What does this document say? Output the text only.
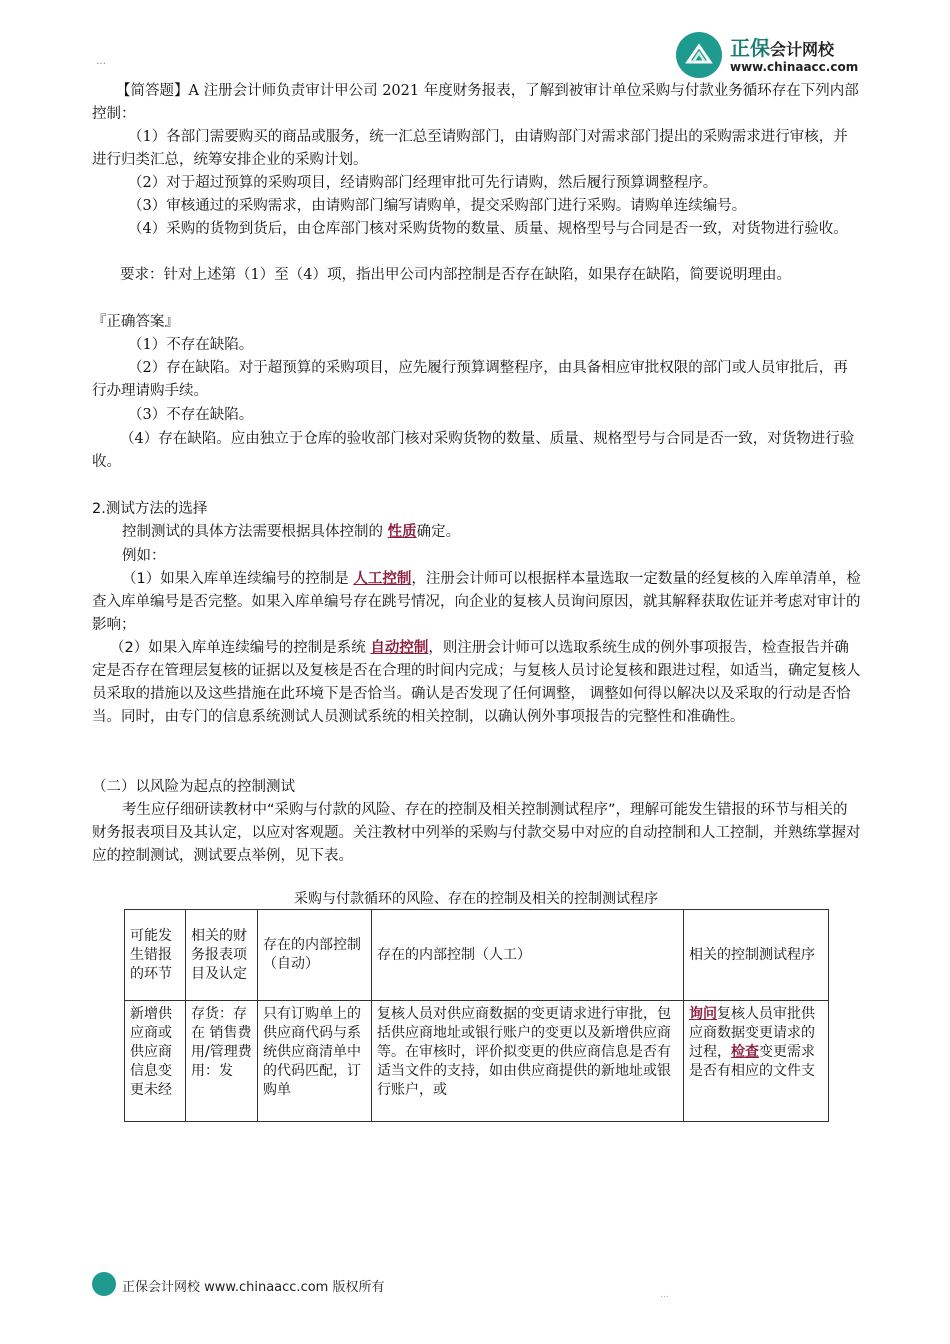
正保会计网校
www.chinaacc.com
…

【简答题】A 注册会计师负责审计甲公司 2021 年度财务报表，了解到被审计单位采购与付款业务循环存在下列内部控制：

（1）各部门需要购买的商品或服务，统一汇总至请购部门，由请购部门对需求部门提出的采购需求进行审核，并进行归类汇总，统筹安排企业的采购计划。

（2）对于超过预算的采购项目，经请购部门经理审批可先行请购，然后履行预算调整程序。

（3）审核通过的采购需求，由请购部门编写请购单，提交采购部门进行采购。请购单连续编号。

（4）采购的货物到货后，由仓库部门核对采购货物的数量、质量、规格型号与合同是否一致，对货物进行验收。

要求：针对上述第（1）至（4）项，指出甲公司内部控制是否存在缺陷，如果存在缺陷，简要说明理由。

『正确答案』

（1）不存在缺陷。

（2）存在缺陷。对于超预算的采购项目，应先履行预算调整程序，由具备相应审批权限的部门或人员审批后，再行办理请购手续。

（3）不存在缺陷。

（4）存在缺陷。应由独立于仓库的验收部门核对采购货物的数量、质量、规格型号与合同是否一致，对货物进行验收。

2.测试方法的选择

控制测试的具体方法需要根据具体控制的 性质确定。

例如：

（1）如果入库单连续编号的控制是 人工控制，注册会计师可以根据样本量选取一定数量的经复核的入库单清单，检查入库单编号是否完整。如果入库单编号存在跳号情况，向企业的复核人员询问原因，就其解释获取佐证并考虑对审计的影响；

（2）如果入库单连续编号的控制是系统 自动控制，则注册会计师可以选取系统生成的例外事项报告，检查报告并确定是否存在管理层复核的证据以及复核是否在合理的时间内完成；与复核人员讨论复核和跟进过程，如适当，确定复核人员采取的措施以及这些措施在此环境下是否恰当。确认是否发现了任何调整， 调整如何得以解决以及采取的行动是否恰当。同时，由专门的信息系统测试人员测试系统的相关控制，以确认例外事项报告的完整性和准确性。

（二）以风险为起点的控制测试

考生应仔细研读教材中“采购与付款的风险、存在的控制及相关控制测试程序”，理解可能发生错报的环节与相关的财务报表项目及其认定，以应对客观题。关注教材中列举的采购与付款交易中对应的自动控制和人工控制，并熟练掌握对应的控制测试，测试要点举例，见下表。

采购与付款循环的风险、存在的控制及相关的控制测试程序
可能发生错报的环节	相关的财务报表项目及认定	存在的内部控制（自动）	存在的内部控制（人工）	相关的控制测试程序

新增供应商或供应商信息变更未经	存货：存在 销售费用/管理费用：发	只有订购单上的供应商代码与系统供应商清单中的代码匹配，订购单	复核人员对供应商数据的变更请求进行审批，包括供应商地址或银行账户的变更以及新增供应商等。在审核时，评价拟变更的供应商信息是否有适当文件的支持，如由供应商提供的新地址或银行账户，或	询问复核人员审批供应商数据变更请求的过程，检查变更需求是否有相应的文件支
正保会计网校 www.chinaacc.com 版权所有	…
